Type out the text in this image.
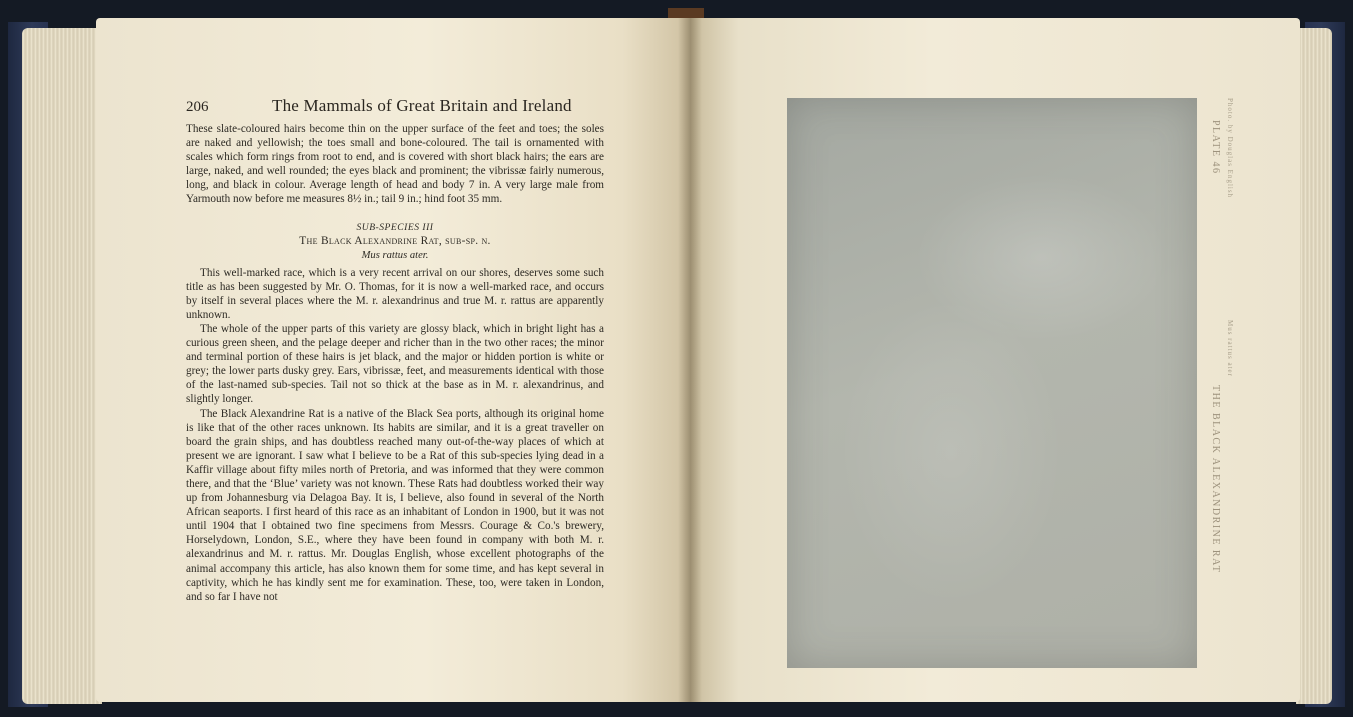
206	The Mammals of Great Britain and Ireland

These slate-coloured hairs become thin on the upper surface of the feet and toes; the soles are naked and yellowish; the toes small and bone-coloured. The tail is ornamented with scales which form rings from root to end, and is covered with short black hairs; the ears are large, naked, and well rounded; the eyes black and prominent; the vibrissæ fairly numerous, long, and black in colour. Average length of head and body 7 in. A very large male from Yarmouth now before me measures 8½ in.; tail 9 in.; hind foot 35 mm.

SUB-SPECIES III
The Black Alexandrine Rat, sub-sp. n.
Mus rattus ater.

This well-marked race, which is a very recent arrival on our shores, deserves some such title as has been suggested by Mr. O. Thomas, for it is now a well-marked race, and occurs by itself in several places where the M. r. alexandrinus and true M. r. rattus are apparently unknown.

The whole of the upper parts of this variety are glossy black, which in bright light has a curious green sheen, and the pelage deeper and richer than in the two other races; the minor and terminal portion of these hairs is jet black, and the major or hidden portion is white or grey; the lower parts dusky grey. Ears, vibrissæ, feet, and measurements identical with those of the last-named sub-species. Tail not so thick at the base as in M. r. alexandrinus, and slightly longer.

The Black Alexandrine Rat is a native of the Black Sea ports, although its original home is like that of the other races unknown. Its habits are similar, and it is a great traveller on board the grain ships, and has doubtless reached many out-of-the-way places of which at present we are ignorant. I saw what I believe to be a Rat of this sub-species lying dead in a Kaffir village about fifty miles north of Pretoria, and was informed that they were common there, and that the ‘Blue’ variety was not known. These Rats had doubtless worked their way up from Johannesburg via Delagoa Bay. It is, I believe, also found in several of the North African seaports. I first heard of this race as an inhabitant of London in 1900, but it was not until 1904 that I obtained two fine specimens from Messrs. Courage & Co.'s brewery, Horselydown, London, S.E., where they have been found in company with both M. r. alexandrinus and M. r. rattus. Mr. Douglas English, whose excellent photographs of the animal accompany this article, has also known them for some time, and has kept several in captivity, which he has kindly sent me for examination. These, too, were taken in London, and so far I have not

PLATE 46
THE BLACK ALEXANDRINE RAT
Mus rattus ater
Photo. by Douglas English
